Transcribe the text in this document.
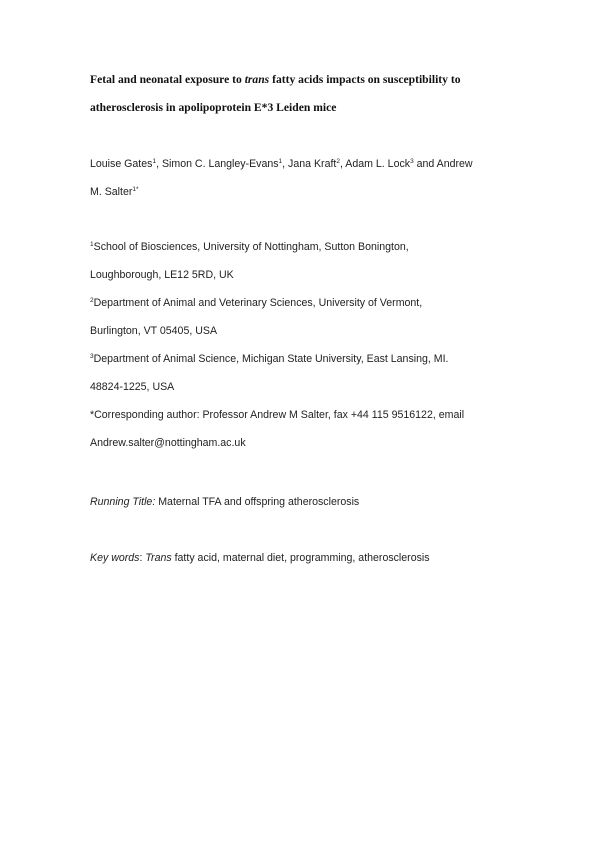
Fetal and neonatal exposure to trans fatty acids impacts on susceptibility to
atherosclerosis in apolipoprotein E*3 Leiden mice
Louise Gates$^1$, Simon C. Langley-Evans$^1$, Jana Kraft$^2$, Adam L. Lock$^3$ and Andrew
M. Salter$^{1*}$
$^1$School of Biosciences, University of Nottingham, Sutton Bonington,
Loughborough, LE12 5RD, UK
$^2$Department of Animal and Veterinary Sciences, University of Vermont,
Burlington, VT 05405, USA
$^3$Department of Animal Science, Michigan State University, East Lansing, MI.
48824-1225, USA
*Corresponding author: Professor Andrew M Salter, fax +44 115 9516122, email
Andrew.salter@nottingham.ac.uk
Running Title: Maternal TFA and offspring atherosclerosis
Key words: Trans fatty acid, maternal diet, programming, atherosclerosis
